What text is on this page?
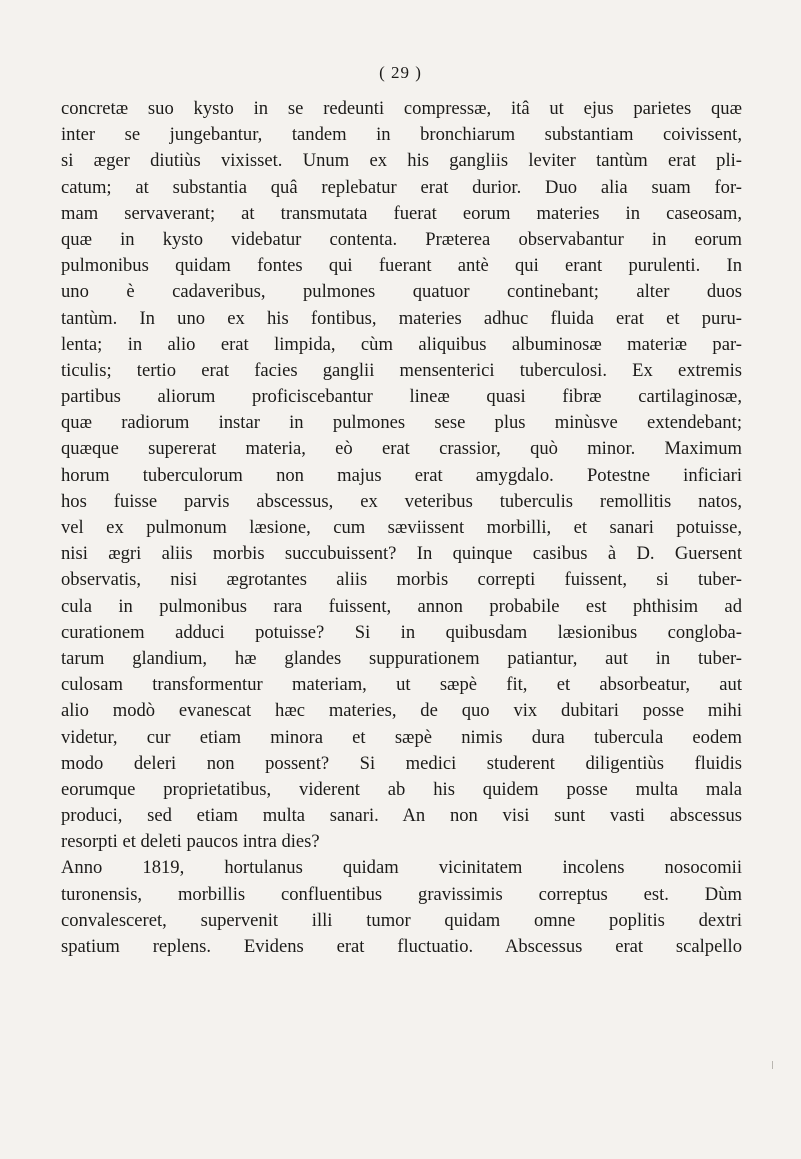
( 29 )
concretæ suo kysto in se redeunti compressæ, itâ ut ejus parietes quæ
inter se jungebantur, tandem in bronchiarum substantiam coivissent,
si æger diutiùs vixisset. Unum ex his gangliis leviter tantùm erat pli-
catum; at substantia quâ replebatur erat durior. Duo alia suam for-
mam servaverant; at transmutata fuerat eorum materies in caseosam,
quæ in kysto videbatur contenta. Præterea observabantur in eorum
pulmonibus quidam fontes qui fuerant antè qui erant purulenti. In
uno è cadaveribus, pulmones quatuor continebant; alter duos
tantùm. In uno ex his fontibus, materies adhuc fluida erat et puru-
lenta; in alio erat limpida, cùm aliquibus albuminosæ materiæ par-
ticulis; tertio erat facies ganglii mensenterici tuberculosi. Ex extremis
partibus aliorum proficiscebantur lineæ quasi fibræ cartilaginosæ,
quæ radiorum instar in pulmones sese plus minùsve extendebant;
quæque supererat materia, eò erat crassior, quò minor. Maximum
horum tuberculorum non majus erat amygdalo. Potestne inficiari
hos fuisse parvis abscessus, ex veteribus tuberculis remollitis natos,
vel ex pulmonum læsione, cum sæviissent morbilli, et sanari potuisse,
nisi ægri aliis morbis succubuissent? In quinque casibus à D. Guersent
observatis, nisi ægrotantes aliis morbis correpti fuissent, si tuber-
cula in pulmonibus rara fuissent, annon probabile est phthisim ad
curationem adduci potuisse? Si in quibusdam læsionibus congloba-
tarum glandium, hæ glandes suppurationem patiantur, aut in tuber-
culosam transformentur materiam, ut sæpè fit, et absorbeatur, aut
alio modò evanescat hæc materies, de quo vix dubitari posse mihi
videtur, cur etiam minora et sæpè nimis dura tubercula eodem
modo deleri non possent? Si medici studerent diligentiùs fluidis
eorumque proprietatibus, viderent ab his quidem posse multa mala
produci, sed etiam multa sanari. An non visi sunt vasti abscessus
resorpti et deleti paucos intra dies?
Anno 1819, hortulanus quidam vicinitatem incolens nosocomii
turonensis, morbillis confluentibus gravissimis correptus est. Dùm
convalesceret, supervenit illi tumor quidam omne poplitis dextri
spatium replens. Evidens erat fluctuatio. Abscessus erat scalpello
